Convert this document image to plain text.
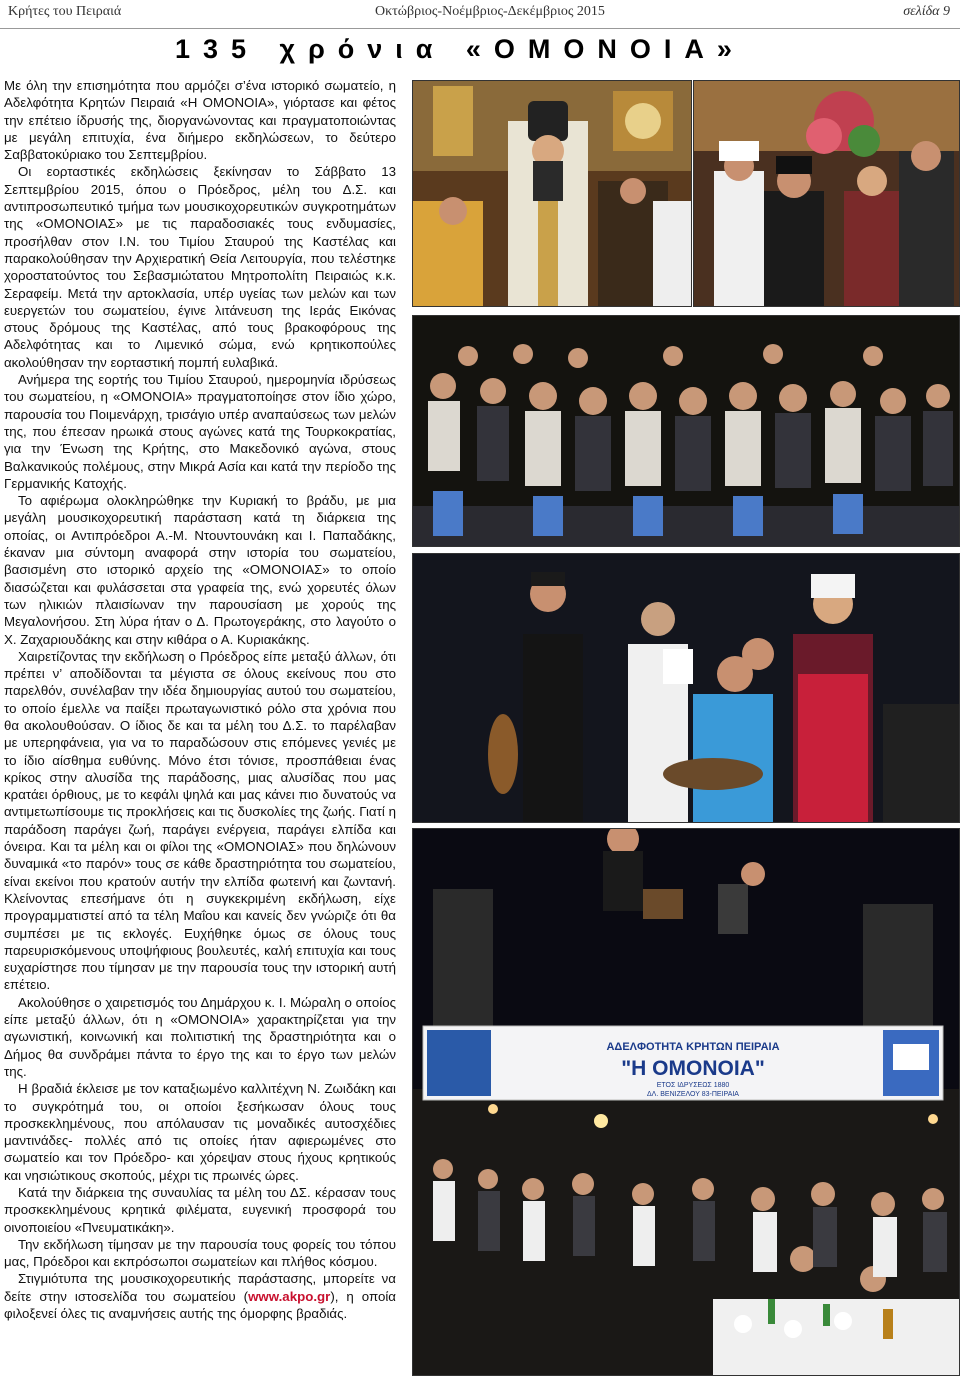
Κρήτες του Πειραιά	Οκτώβριος-Νοέμβριος-Δεκέμβριος 2015	σελίδα 9
135 χρόνια «ΟΜΟΝΟΙΑ»

Με όλη την επισημότητα που αρμόζει σ’ένα ιστορικό σωματείο, η Αδελφότητα Κρητών Πειραιά «Η ΟΜΟΝΟΙΑ», γιόρτασε και φέτος την επέτειο ίδρυσής της, διοργανώνοντας και πραγματοποιώντας με μεγάλη επιτυχία, ένα διήμερο εκδηλώσεων, το δεύτερο Σαββατοκύριακο του Σεπτεμβρίου.

Οι εορταστικές εκδηλώσεις ξεκίνησαν το Σάββατο 13 Σεπτεμβρίου 2015, όπου ο Πρόεδρος, μέλη του Δ.Σ. και αντιπροσωπευτικό τμήμα των μουσικοχορευτικών συγκροτημάτων της «ΟΜΟΝΟΙΑΣ» με τις παραδοσιακές τους ενδυμασίες, προσήλθαν στον Ι.Ν. του Τιμίου Σταυρού της Καστέλας και παρακολούθησαν την Αρχιερατική Θεία Λειτουργία, που τελέστηκε χοροστατούντος του Σεβασμιώτατου Μητροπολίτη Πειραιώς κ.κ. Σεραφείμ. Μετά την αρτοκλασία, υπέρ υγείας των μελών και των ευεργετών του σωματείου, έγινε λιτάνευση της Ιεράς Εικόνας στους δρόμους της Καστέλας, από τους βρακοφόρους της Αδελφότητας και το Λιμενικό σώμα, ενώ κρητικοπούλες ακολούθησαν την εορταστική πομπή ευλαβικά.

Ανήμερα της εορτής του Τιμίου Σταυρού, ημερομηνία ιδρύσεως του σωματείου, η «ΟΜΟΝΟΙΑ» πραγματοποίησε στον ίδιο χώρο, παρουσία του Ποιμενάρχη, τρισάγιο υπέρ αναπαύσεως των μελών της, που έπεσαν ηρωικά στους αγώνες κατά της Τουρκοκρατίας, για την Ένωση της Κρήτης, στο Μακεδονικό αγώνα, στους Βαλκανικούς πολέμους, στην Μικρά Ασία και κατά την περίοδο της Γερμανικής Κατοχής.

Το αφιέρωμα ολοκληρώθηκε την Κυριακή το βράδυ, με μια μεγάλη μουσικοχορευτική παράσταση κατά τη διάρκεια της οποίας, οι Αντιπρόεδροι Α.-Μ. Ντουντουνάκη και Ι. Παπαδάκης, έκαναν μια σύντομη αναφορά στην ιστορία του σωματείου, βασισμένη στο ιστορικό αρχείο της «ΟΜΟΝΟΙΑΣ» το οποίο διασώζεται και φυλάσσεται στα γραφεία της, ενώ χορευτές όλων των ηλικιών πλαισίωναν την παρουσίαση με χορούς της Μεγαλονήσου. Στη λύρα ήταν ο Δ. Πρωτογεράκης, στο λαγούτο ο Χ. Ζαχαριουδάκης και στην κιθάρα ο Α. Κυριακάκης.

Χαιρετίζοντας την εκδήλωση ο Πρόεδρος είπε μεταξύ άλλων, ότι πρέπει ν’ αποδίδονται τα μέγιστα σε όλους εκείνους που στο παρελθόν, συνέλαβαν την ιδέα δημιουργίας αυτού του σωματείου, το οποίο έμελλε να παίξει πρωταγωνιστικό ρόλο στα χρόνια που θα ακολουθούσαν. Ο ίδιος δε και τα μέλη του Δ.Σ. το παρέλαβαν με υπερηφάνεια, για να το παραδώσουν στις επόμενες γενιές με το ίδιο αίσθημα ευθύνης. Μόνο έτσι τόνισε, προσπάθειαι ένας κρίκος στην αλυσίδα της παράδοσης, μιας αλυσίδας που μας κρατάει όρθιους, με το κεφάλι ψηλά και μας κάνει πιο δυνατούς να αντιμετωπίσουμε τις προκλήσεις και τις δυσκολίες της ζωής. Γιατί η παράδοση παράγει ζωή, παράγει ενέργεια, παράγει ελπίδα και όνειρα. Και τα μέλη και οι φίλοι της «ΟΜΟΝΟΙΑΣ» που δηλώνουν δυναμικά «το παρόν» τους σε κάθε δραστηριότητα του σωματείου, είναι εκείνοι που κρατούν αυτήν την ελπίδα φωτεινή και ζωντανή. Κλείνοντας επεσήμανε ότι η συγκεκριμένη εκδήλωση, είχε προγραμματιστεί από τα τέλη Μαΐου και κανείς δεν γνώριζε ότι θα συμπέσει με τις εκλογές. Ευχήθηκε όμως σε όλους τους παρευρισκόμενους υποψήφιους βουλευτές, καλή επιτυχία και τους ευχαρίστησε που τίμησαν με την παρουσία τους την ιστορική αυτή επέτειο.

Ακολούθησε ο χαιρετισμός του Δημάρχου κ. Ι. Μώραλη ο οποίος είπε μεταξύ άλλων, ότι η «ΟΜΟΝΟΙΑ» χαρακτηρίζεται για την αγωνιστική, κοινωνική και πολιτιστική της δραστηριότητα και ο Δήμος θα συνδράμει πάντα το έργο της και το έργο των μελών της.

Η βραδιά έκλεισε με τον καταξιωμένο καλλιτέχνη Ν. Ζωιδάκη και το συγκρότημά του, οι οποίοι ξεσήκωσαν όλους τους προσκεκλημένους, που απόλαυσαν τις μοναδικές αυτοσχέδιες μαντινάδες- πολλές από τις οποίες ήταν αφιερωμένες στο σωματείο και τον Πρόεδρο- και χόρεψαν στους ήχους κρητικούς και νησιώτικους σκοπούς, μέχρι τις πρωινές ώρες.

Κατά την διάρκεια της συναυλίας τα μέλη του ΔΣ. κέρασαν τους προσκεκλημένους κρητικά φιλέματα, ευγενική προσφορά του οινοποιείου «Πνευματικάκη».

Την εκδήλωση τίμησαν με την παρουσία τους φορείς του τόπου μας, Πρόεδροι και εκπρόσωποι σωματείων και πλήθος κόσμου.

Στιγμιότυπα της μουσικοχορευτικής παράστασης, μπορείτε να δείτε στην ιστοσελίδα του σωματείου (www.akpo.gr), η οποία φιλοξενεί όλες τις αναμνήσεις αυτής της όμορφης βραδιάς.

ΑΔΕΛΦΟΤΗΤΑ ΚΡΗΤΩΝ ΠΕΙΡΑΙΑ
"Η ΟΜΟΝΟΙΑ"
ΕΤΟΣ ΙΔΡΥΣΕΩΣ 1880
ΔΛ. ΒΕΝΙΖΕΛΟΥ 83-ΠΕΙΡΑΙΑ
